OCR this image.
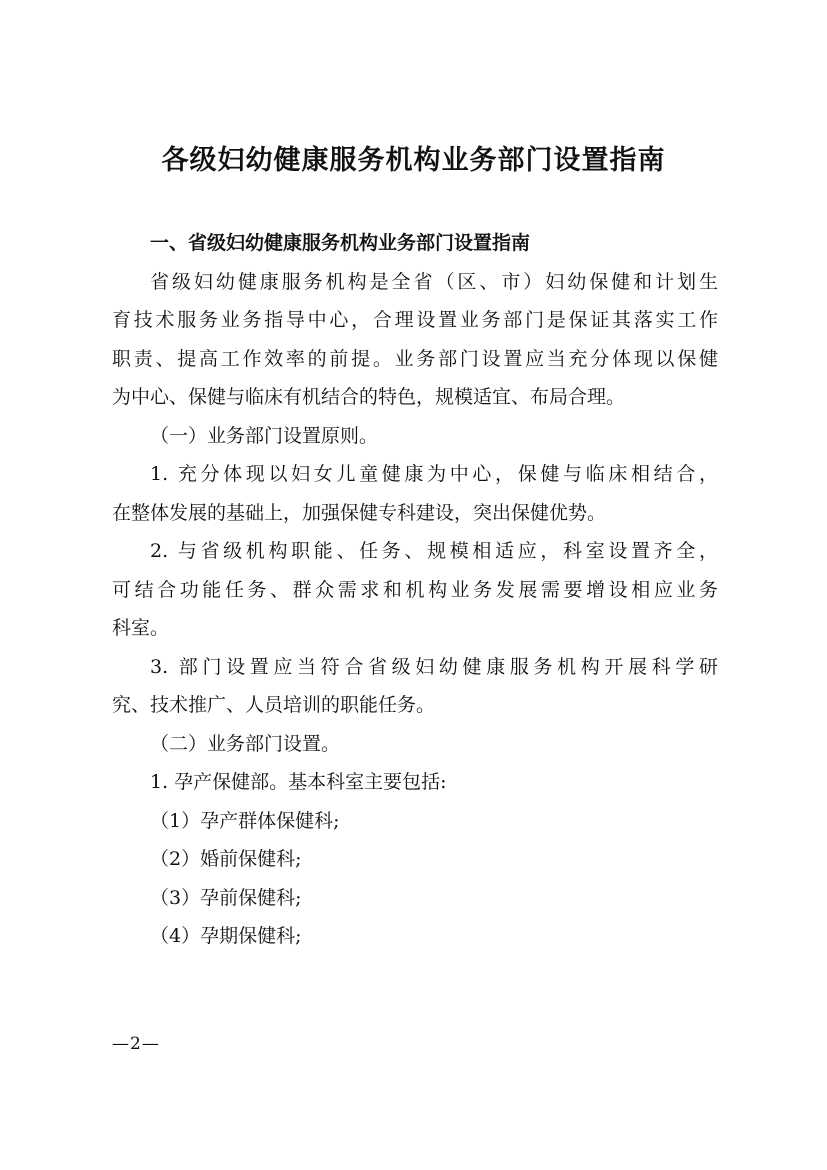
各级妇幼健康服务机构业务部门设置指南

一、省级妇幼健康服务机构业务部门设置指南

省级妇幼健康服务机构是全省（区、市）妇幼保健和计划生

育技术服务业务指导中心，合理设置业务部门是保证其落实工作

职责、提高工作效率的前提。业务部门设置应当充分体现以保健

为中心、保健与临床有机结合的特色，规模适宜、布局合理。

（一）业务部门设置原则。

1. 充分体现以妇女儿童健康为中心，保健与临床相结合，

在整体发展的基础上，加强保健专科建设，突出保健优势。

2. 与省级机构职能、任务、规模相适应，科室设置齐全，

可结合功能任务、群众需求和机构业务发展需要增设相应业务

科室。

3. 部门设置应当符合省级妇幼健康服务机构开展科学研

究、技术推广、人员培训的职能任务。

（二）业务部门设置。

1. 孕产保健部。基本科室主要包括:

（1）孕产群体保健科;

（2）婚前保健科;

（3）孕前保健科;

（4）孕期保健科;

—2—
